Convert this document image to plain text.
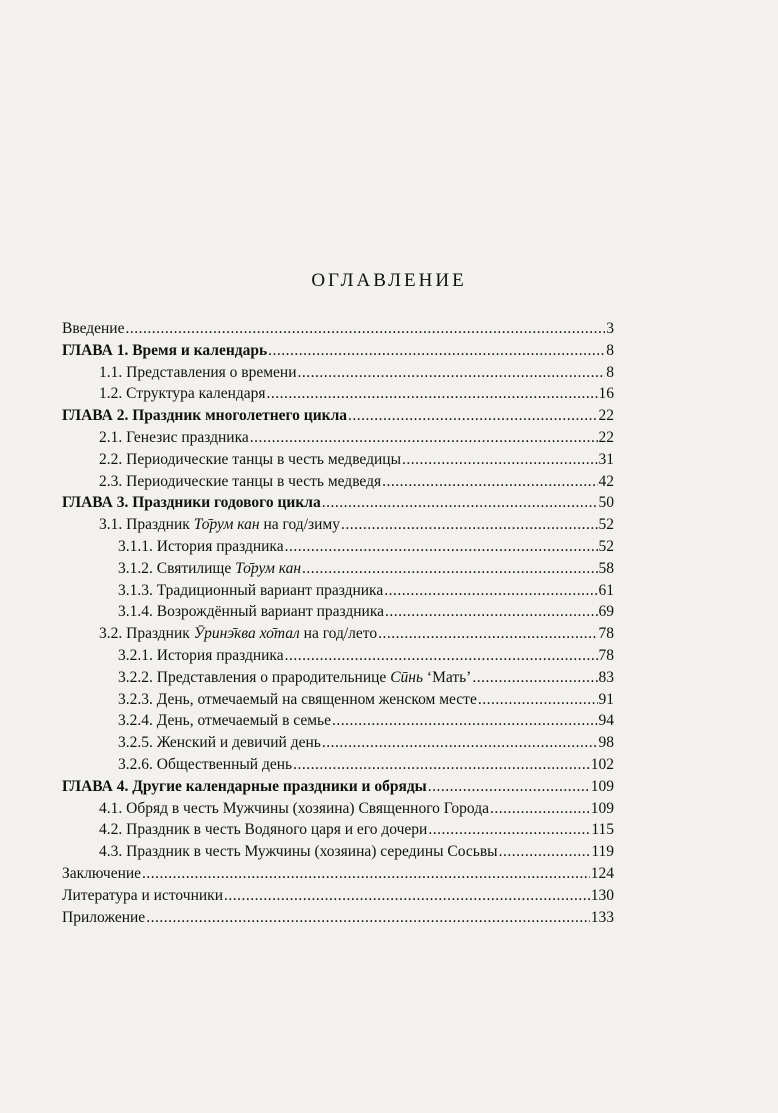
ОГЛАВЛЕНИЕ
Введение .....	3
ГЛАВА 1. Время и календарь .....	8
1.1. Представления о времени .....	8
1.2. Структура календаря .....	16
ГЛАВА 2. Праздник многолетнего цикла .....	22
2.1. Генезис праздника .....	22
2.2. Периодические танцы в честь медведицы .....	31
2.3. Периодические танцы в честь медведя .....	42
ГЛАВА 3. Праздники годового цикла .....	50
3.1. Праздник То̄рум кан на год/зиму .....	52
3.1.1. История праздника .....	52
3.1.2. Святилище То̄рум кан .....	58
3.1.3. Традиционный вариант праздника .....	61
3.1.4. Возрождённый вариант праздника .....	69
3.2. Праздник Ӯринэ̄ква хо̄тал на год/лето .....	78
3.2.1. История праздника .....	78
3.2.2. Представления о прародительнице Сӣнь ‘Мать’ .....	83
3.2.3. День, отмечаемый на священном женском месте .....	91
3.2.4. День, отмечаемый в семье .....	94
3.2.5. Женский и девичий день .....	98
3.2.6. Общественный день .....	102
ГЛАВА 4. Другие календарные праздники и обряды .....	109
4.1. Обряд в честь Мужчины (хозяина) Священного Города .....	109
4.2. Праздник в честь Водяного царя и его дочери .....	115
4.3. Праздник в честь Мужчины (хозяина) середины Сосьвы .....	119
Заключение .....	124
Литература и источники .....	130
Приложение .....	133
